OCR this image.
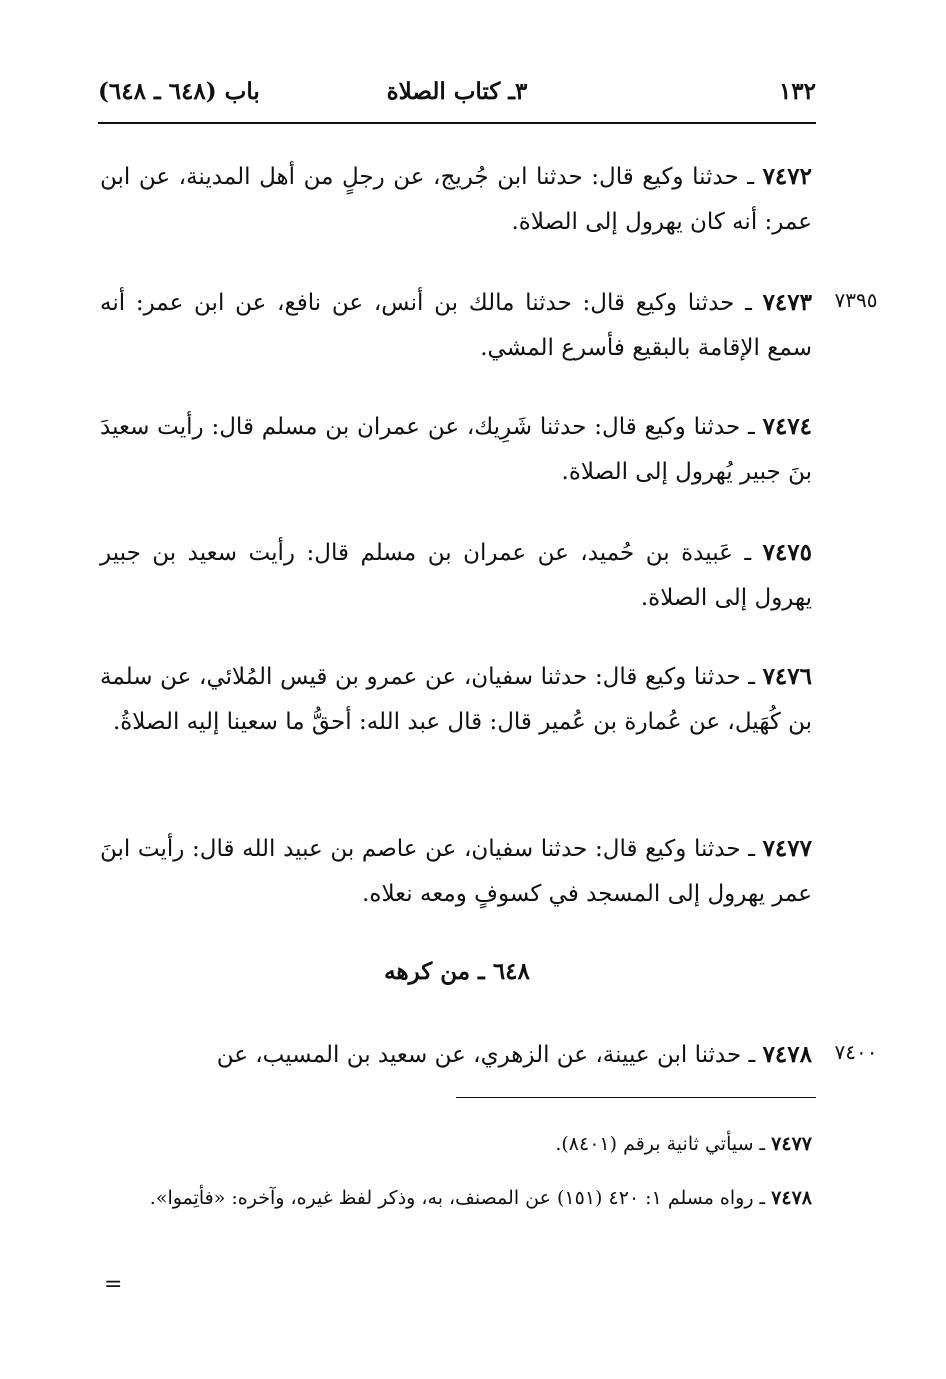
١٣٢
٣ـ كتاب الصلاة
باب (٦٤٨ ـ ٦٤٨)
٧٤٧٢ ـ حدثنا وكيع قال: حدثنا ابن جُريج، عن رجلٍ من أهل المدينة، عن ابن عمر: أنه كان يهرول إلى الصلاة.
٧٣٩٥
٧٤٧٣ ـ حدثنا وكيع قال: حدثنا مالك بن أنس، عن نافع، عن ابن عمر: أنه سمع الإقامة بالبقيع فأسرع المشي.
٧٤٧٤ ـ حدثنا وكيع قال: حدثنا شَرِيك، عن عمران بن مسلم قال: رأيت سعيدَ بنَ جبير يُهرول إلى الصلاة.
٧٤٧٥ ـ عَبيدة بن حُميد، عن عمران بن مسلم قال: رأيت سعيد بن جبير يهرول إلى الصلاة.
٧٤٧٦ ـ حدثنا وكيع قال: حدثنا سفيان، عن عمرو بن قيس المُلائي، عن سلمة بن كُهَيل، عن عُمارة بن عُمير قال: قال عبد الله: أحقُّ ما سعينا إليه الصلاةُ.
٧٤٧٧ ـ حدثنا وكيع قال: حدثنا سفيان، عن عاصم بن عبيد الله قال: رأيت ابنَ عمر يهرول إلى المسجد في كسوفٍ ومعه نعلاه.
٦٤٨ ـ من كرهه
٧٤٠٠
٧٤٧٨ ـ حدثنا ابن عيينة، عن الزهري، عن سعيد بن المسيب، عن
٧٤٧٧ ـ سيأتي ثانية برقم (٨٤٠١).
٧٤٧٨ ـ رواه مسلم ١: ٤٢٠ (١٥١) عن المصنف، به، وذكر لفظ غيره، وآخره: «فأتِموا».
=
